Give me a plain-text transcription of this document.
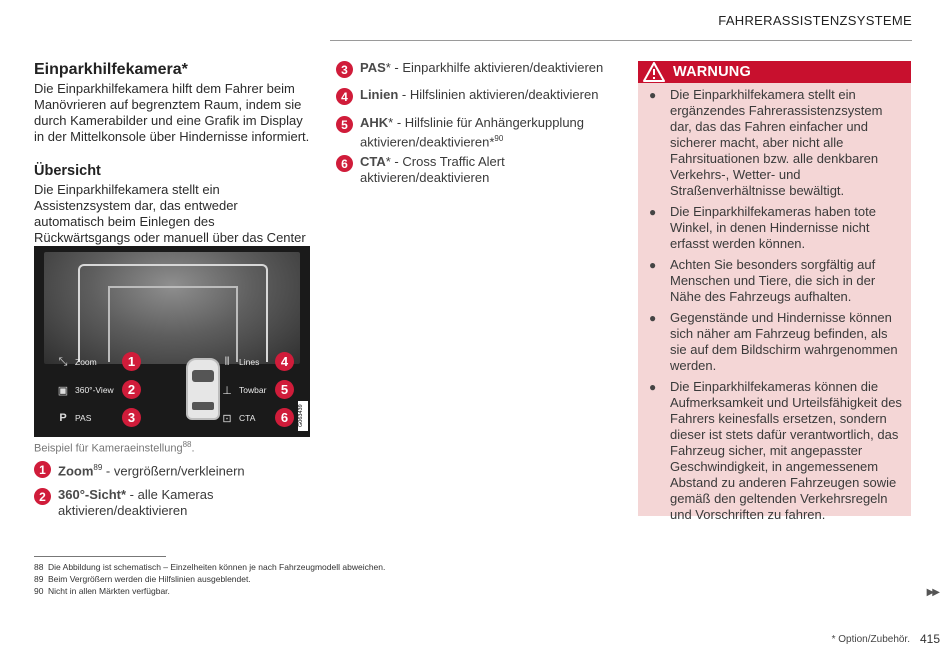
FAHRERASSISTENZSYSTEME
Einparkhilfekamera*

Die Einparkhilfekamera hilft dem Fahrer beim Manövrieren auf begrenztem Raum, indem sie durch Kamerabilder und eine Grafik im Display in der Mittelkonsole über Hindernisse informiert.

Übersicht

Die Einparkhilfekamera stellt ein Assistenzsystem dar, das entweder automatisch beim Einlegen des Rückwärtsgangs oder manuell über das Center

⤡ Zoom	1
▣ 360°-View	2
P PAS	3
⫴	Lines	4
⊥ Towbar	5
⊡ CTA	6	G063439
Beispiel für Kameraeinstellung$^{88}$.
1 Zoom$^{89}$ - vergrößern/verkleinern
2 360°-Sicht* - alle Kameras aktivieren/deaktivieren
3 PAS* - Einparkhilfe aktivieren/deaktivieren
4 Linien - Hilfslinien aktivieren/deaktivieren
5 AHK* - Hilfslinie für Anhängerkupplung aktivieren/deaktivieren*$^{90}$
6 CTA* - Cross Traffic Alert aktivieren/deaktivieren
WARNUNG
● Die Einparkhilfekamera stellt ein ergänzendes Fahrerassistenzsystem dar, das das Fahren einfacher und sicherer macht, aber nicht alle Fahrsituationen bzw. alle denkbaren Verkehrs-, Wetter- und Straßenverhältnisse bewältigt.
● Die Einparkhilfekameras haben tote Winkel, in denen Hindernisse nicht erfasst werden können.
● Achten Sie besonders sorgfältig auf Menschen und Tiere, die sich in der Nähe des Fahrzeugs aufhalten.
● Gegenstände und Hindernisse können sich näher am Fahrzeug befinden, als sie auf dem Bildschirm wahrgenommen werden.
● Die Einparkhilfekameras können die Aufmerksamkeit und Urteilsfähigkeit des Fahrers keinesfalls ersetzen, sondern dieser ist stets dafür verantwortlich, das Fahrzeug sicher, mit angepasster Geschwindigkeit, in angemessenem Abstand zu anderen Fahrzeugen sowie gemäß den geltenden Verkehrsregeln und Vorschriften zu fahren.
88 Die Abbildung ist schematisch – Einzelheiten können je nach Fahrzeugmodell abweichen.
89 Beim Vergrößern werden die Hilfslinien ausgeblendet.
90 Nicht in allen Märkten verfügbar.	▶▶
* Option/Zubehör. 415
